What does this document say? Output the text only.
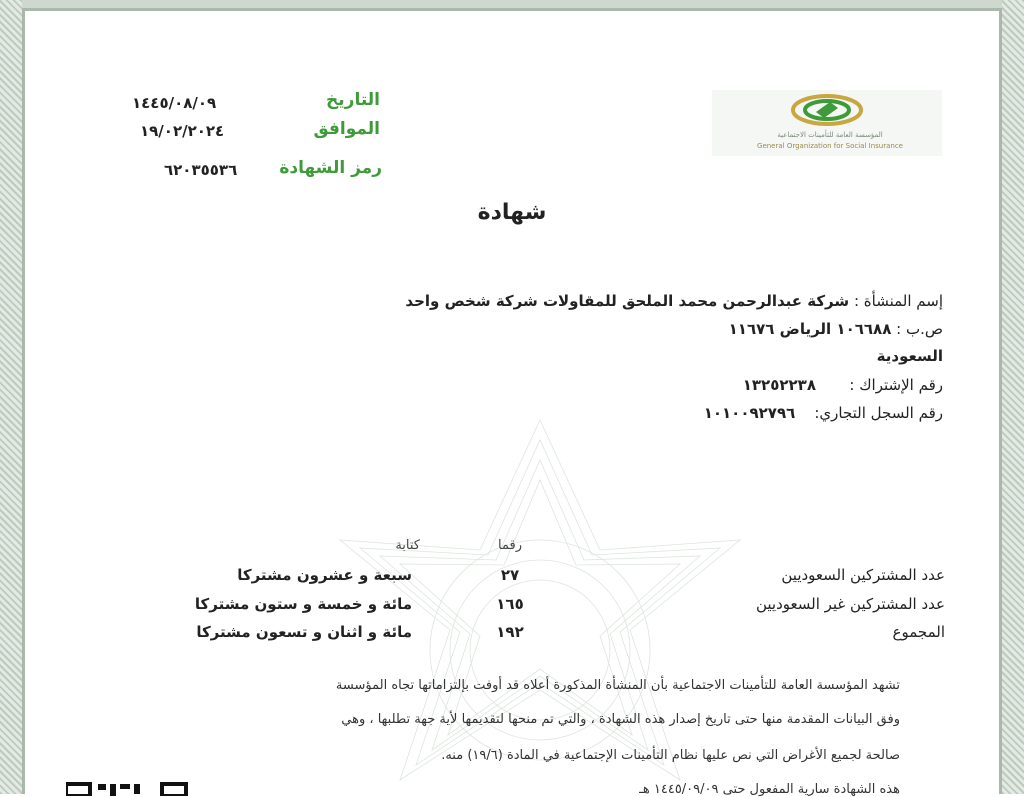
التاريخ
١٤٤٥/٠٨/٠٩
الموافق
١٩/٠٢/٢٠٢٤
رمز الشهادة
٦٢٠٣٥٥٣٦
المؤسسة العامة للتأمينات الاجتماعية
General Organization for Social Insurance
شهادة
إسم المنشأة : شركة عبدالرحمن محمد الملحق للمقاولات شركة شخص واحد
ص.ب : ١٠٦٦٨٨ الرياض ١١٦٧٦
السعودية
رقم الإشتراك :       ١٣٢٥٢٢٣٨
رقم السجل التجاري:    ١٠١٠٠٩٢٧٩٦
رقما
كتابة
عدد المشتركين السعوديين
٢٧
سبعة و عشرون مشتركا
عدد المشتركين غير السعوديين
١٦٥
مائة و خمسة و ستون مشتركا
المجموع
١٩٢
مائة و اثنان و تسعون مشتركا
تشهد المؤسسة العامة للتأمينات الاجتماعية بأن المنشأة المذكورة أعلاه قد أوفت بإلتزاماتها تجاه المؤسسة
وفق البيانات المقدمة منها حتى تاريخ إصدار هذه الشهادة ، والتي تم منحها لتقديمها لأية جهة تطلبها ، وهي
صالحة لجميع الأغراض التي نص عليها نظام التأمينات الإجتماعية في المادة (١٩/٦) منه.
هذه الشهادة سارية المفعول حتى ١٤٤٥/٠٩/٠٩ هـ
